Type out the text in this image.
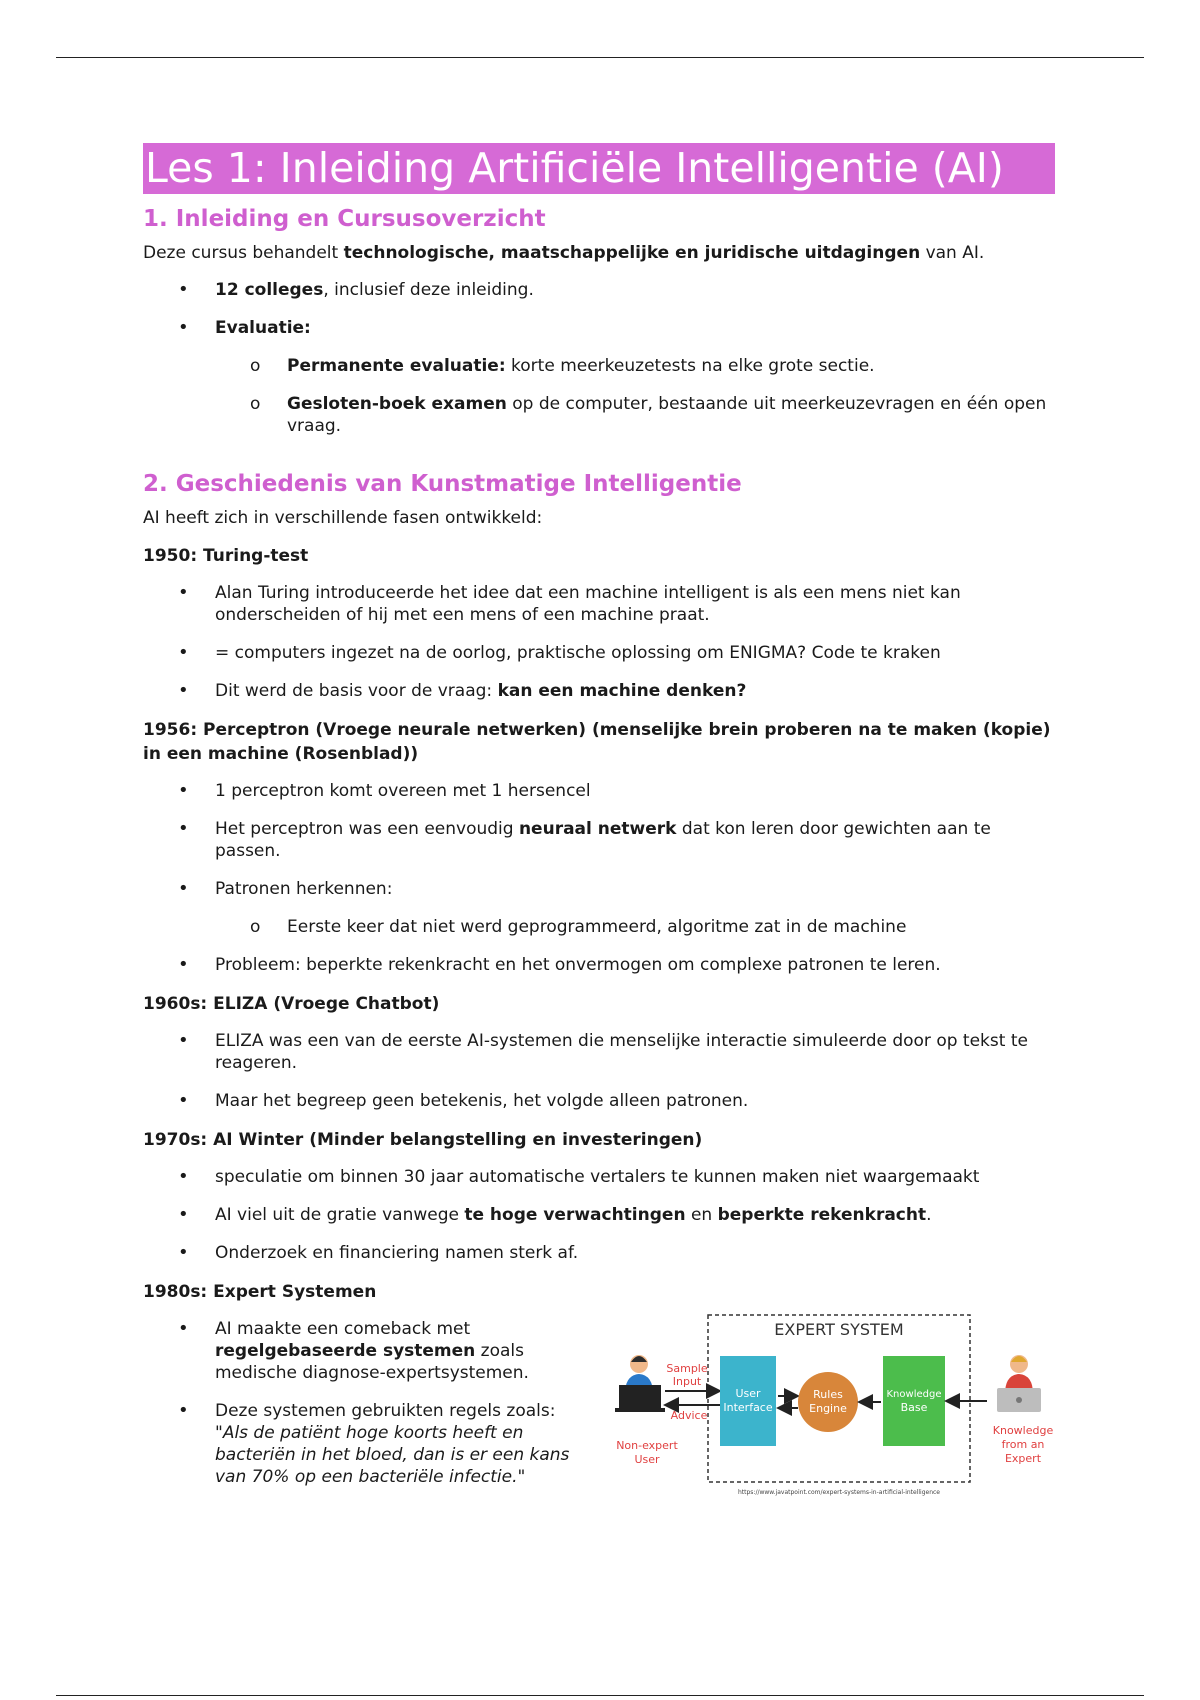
Les 1: Inleiding Artificiële Intelligentie (AI)
1. Inleiding en Cursusoverzicht

Deze cursus behandelt technologische, maatschappelijke en juridische uitdagingen van AI.

• 12 colleges, inclusief deze inleiding.
• Evaluatie:
o Permanente evaluatie: korte meerkeuzetests na elke grote sectie.
o Gesloten-boek examen op de computer, bestaande uit meerkeuzevragen en één open vraag.
2. Geschiedenis van Kunstmatige Intelligentie

AI heeft zich in verschillende fasen ontwikkeld:

1950: Turing-test
• Alan Turing introduceerde het idee dat een machine intelligent is als een mens niet kan onderscheiden of hij met een mens of een machine praat.
• = computers ingezet na de oorlog, praktische oplossing om ENIGMA? Code te kraken
• Dit werd de basis voor de vraag: kan een machine denken?
1956: Perceptron (Vroege neurale netwerken) (menselijke brein proberen na te maken (kopie) in een machine (Rosenblad))
• 1 perceptron komt overeen met 1 hersencel
• Het perceptron was een eenvoudig neuraal netwerk dat kon leren door gewichten aan te passen.
• Patronen herkennen:
o Eerste keer dat niet werd geprogrammeerd, algoritme zat in de machine
• Probleem: beperkte rekenkracht en het onvermogen om complexe patronen te leren.
1960s: ELIZA (Vroege Chatbot)
• ELIZA was een van de eerste AI-systemen die menselijke interactie simuleerde door op tekst te reageren.
• Maar het begreep geen betekenis, het volgde alleen patronen.
1970s: AI Winter (Minder belangstelling en investeringen)
• speculatie om binnen 30 jaar automatische vertalers te kunnen maken niet waargemaakt
• AI viel uit de gratie vanwege te hoge verwachtingen en beperkte rekenkracht.
• Onderzoek en financiering namen sterk af.
1980s: Expert Systemen
• AI maakte een comeback met regelgebaseerde systemen zoals medische diagnose-expertsystemen.
• Deze systemen gebruikten regels zoals:
"Als de patiënt hoge koorts heeft en bacteriën in het bloed, dan is er een kans van 70% op een bacteriële infectie."
EXPERT SYSTEM
Non-expert
User
Sample
Input
Advice
User
Interface
Rules
Engine
Knowledge
Base
Knowledge
from an
Expert
https://www.javatpoint.com/expert-systems-in-artificial-intelligence
